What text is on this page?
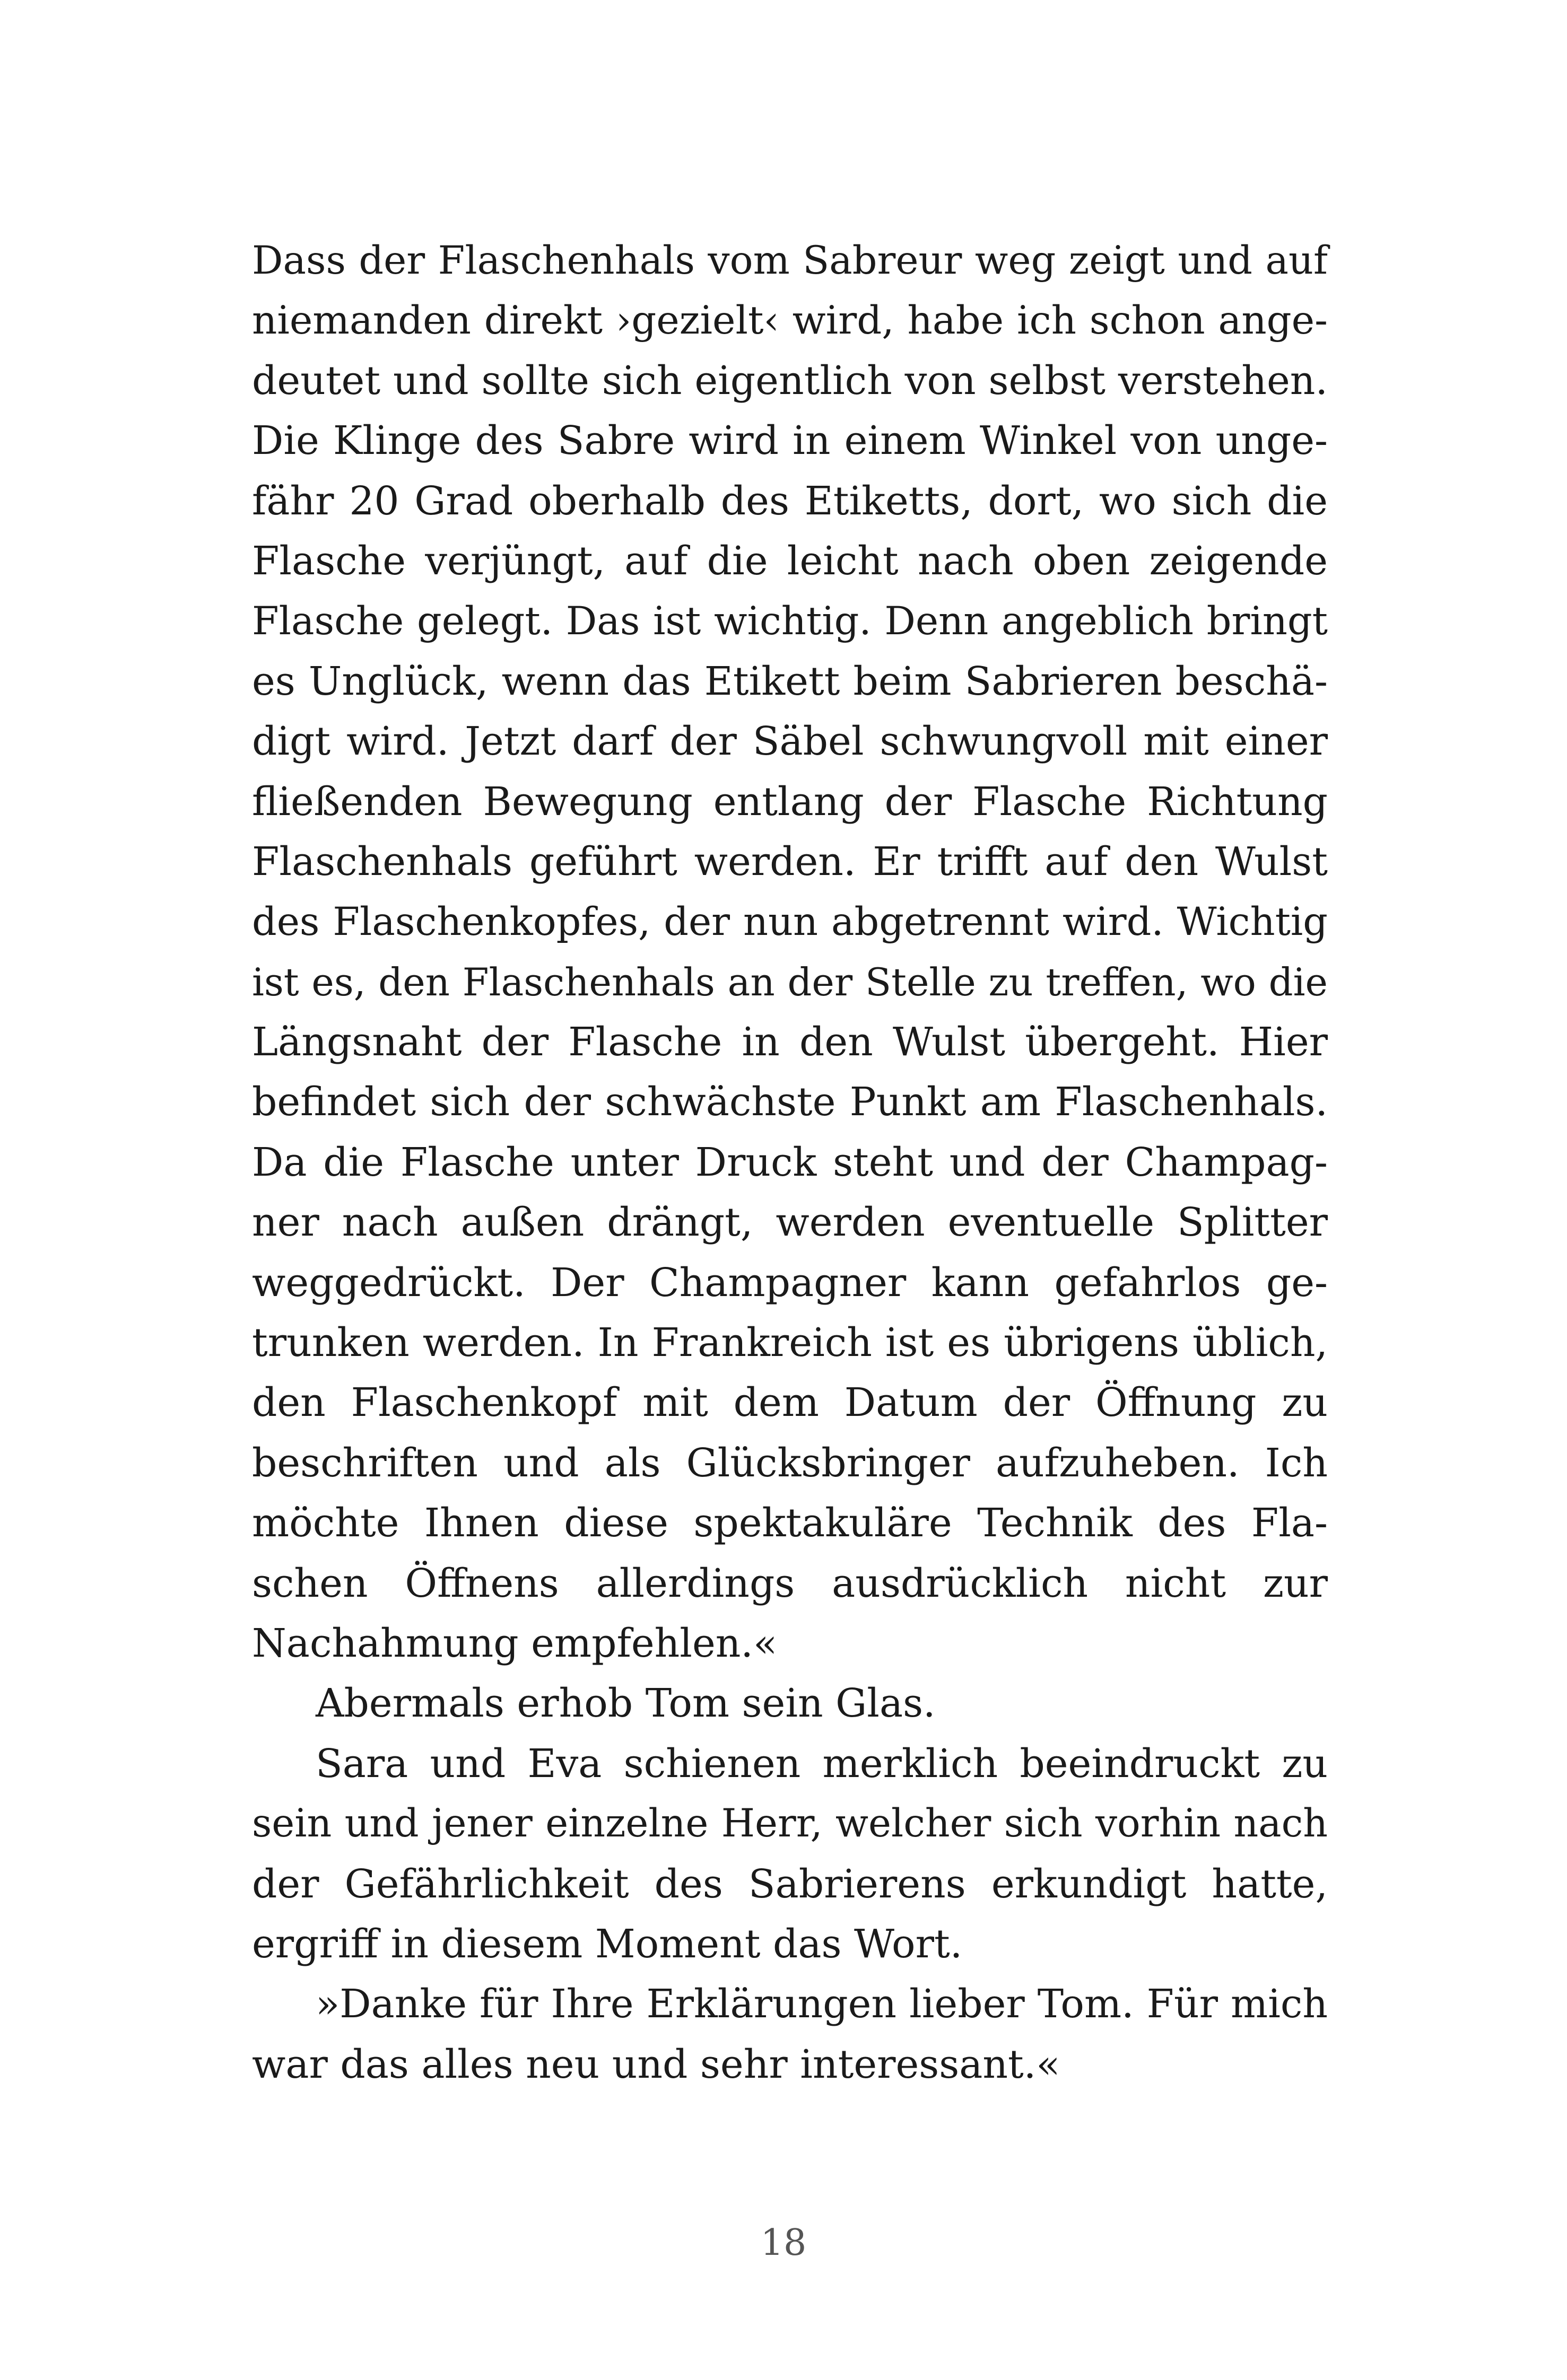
Dass der Flaschenhals vom Sabreur weg zeigt und auf
niemanden direkt ›gezielt‹ wird, habe ich schon ange-
deutet und sollte sich eigentlich von selbst verstehen.
Die Klinge des Sabre wird in einem Winkel von unge-
fähr 20 Grad oberhalb des Etiketts, dort, wo sich die
Flasche verjüngt, auf die leicht nach oben zeigende
Flasche gelegt. Das ist wichtig. Denn angeblich bringt
es Unglück, wenn das Etikett beim Sabrieren beschä-
digt wird. Jetzt darf der Säbel schwungvoll mit einer
fließenden Bewegung entlang der Flasche Richtung
Flaschenhals geführt werden. Er trifft auf den Wulst
des Flaschenkopfes, der nun abgetrennt wird. Wichtig
ist es, den Flaschenhals an der Stelle zu treffen, wo die
Längsnaht der Flasche in den Wulst übergeht. Hier
befindet sich der schwächste Punkt am Flaschenhals.
Da die Flasche unter Druck steht und der Champag-
ner nach außen drängt, werden eventuelle Splitter
weggedrückt. Der Champagner kann gefahrlos ge-
trunken werden. In Frankreich ist es übrigens üblich,
den Flaschenkopf mit dem Datum der Öffnung zu
beschriften und als Glücksbringer aufzuheben. Ich
möchte Ihnen diese spektakuläre Technik des Fla-
schen Öffnens allerdings ausdrücklich nicht zur
Nachahmung empfehlen.«
Abermals erhob Tom sein Glas.
Sara und Eva schienen merklich beeindruckt zu
sein und jener einzelne Herr, welcher sich vorhin nach
der Gefährlichkeit des Sabrierens erkundigt hatte,
ergriff in diesem Moment das Wort.
»Danke für Ihre Erklärungen lieber Tom. Für mich
war das alles neu und sehr interessant.«
18
